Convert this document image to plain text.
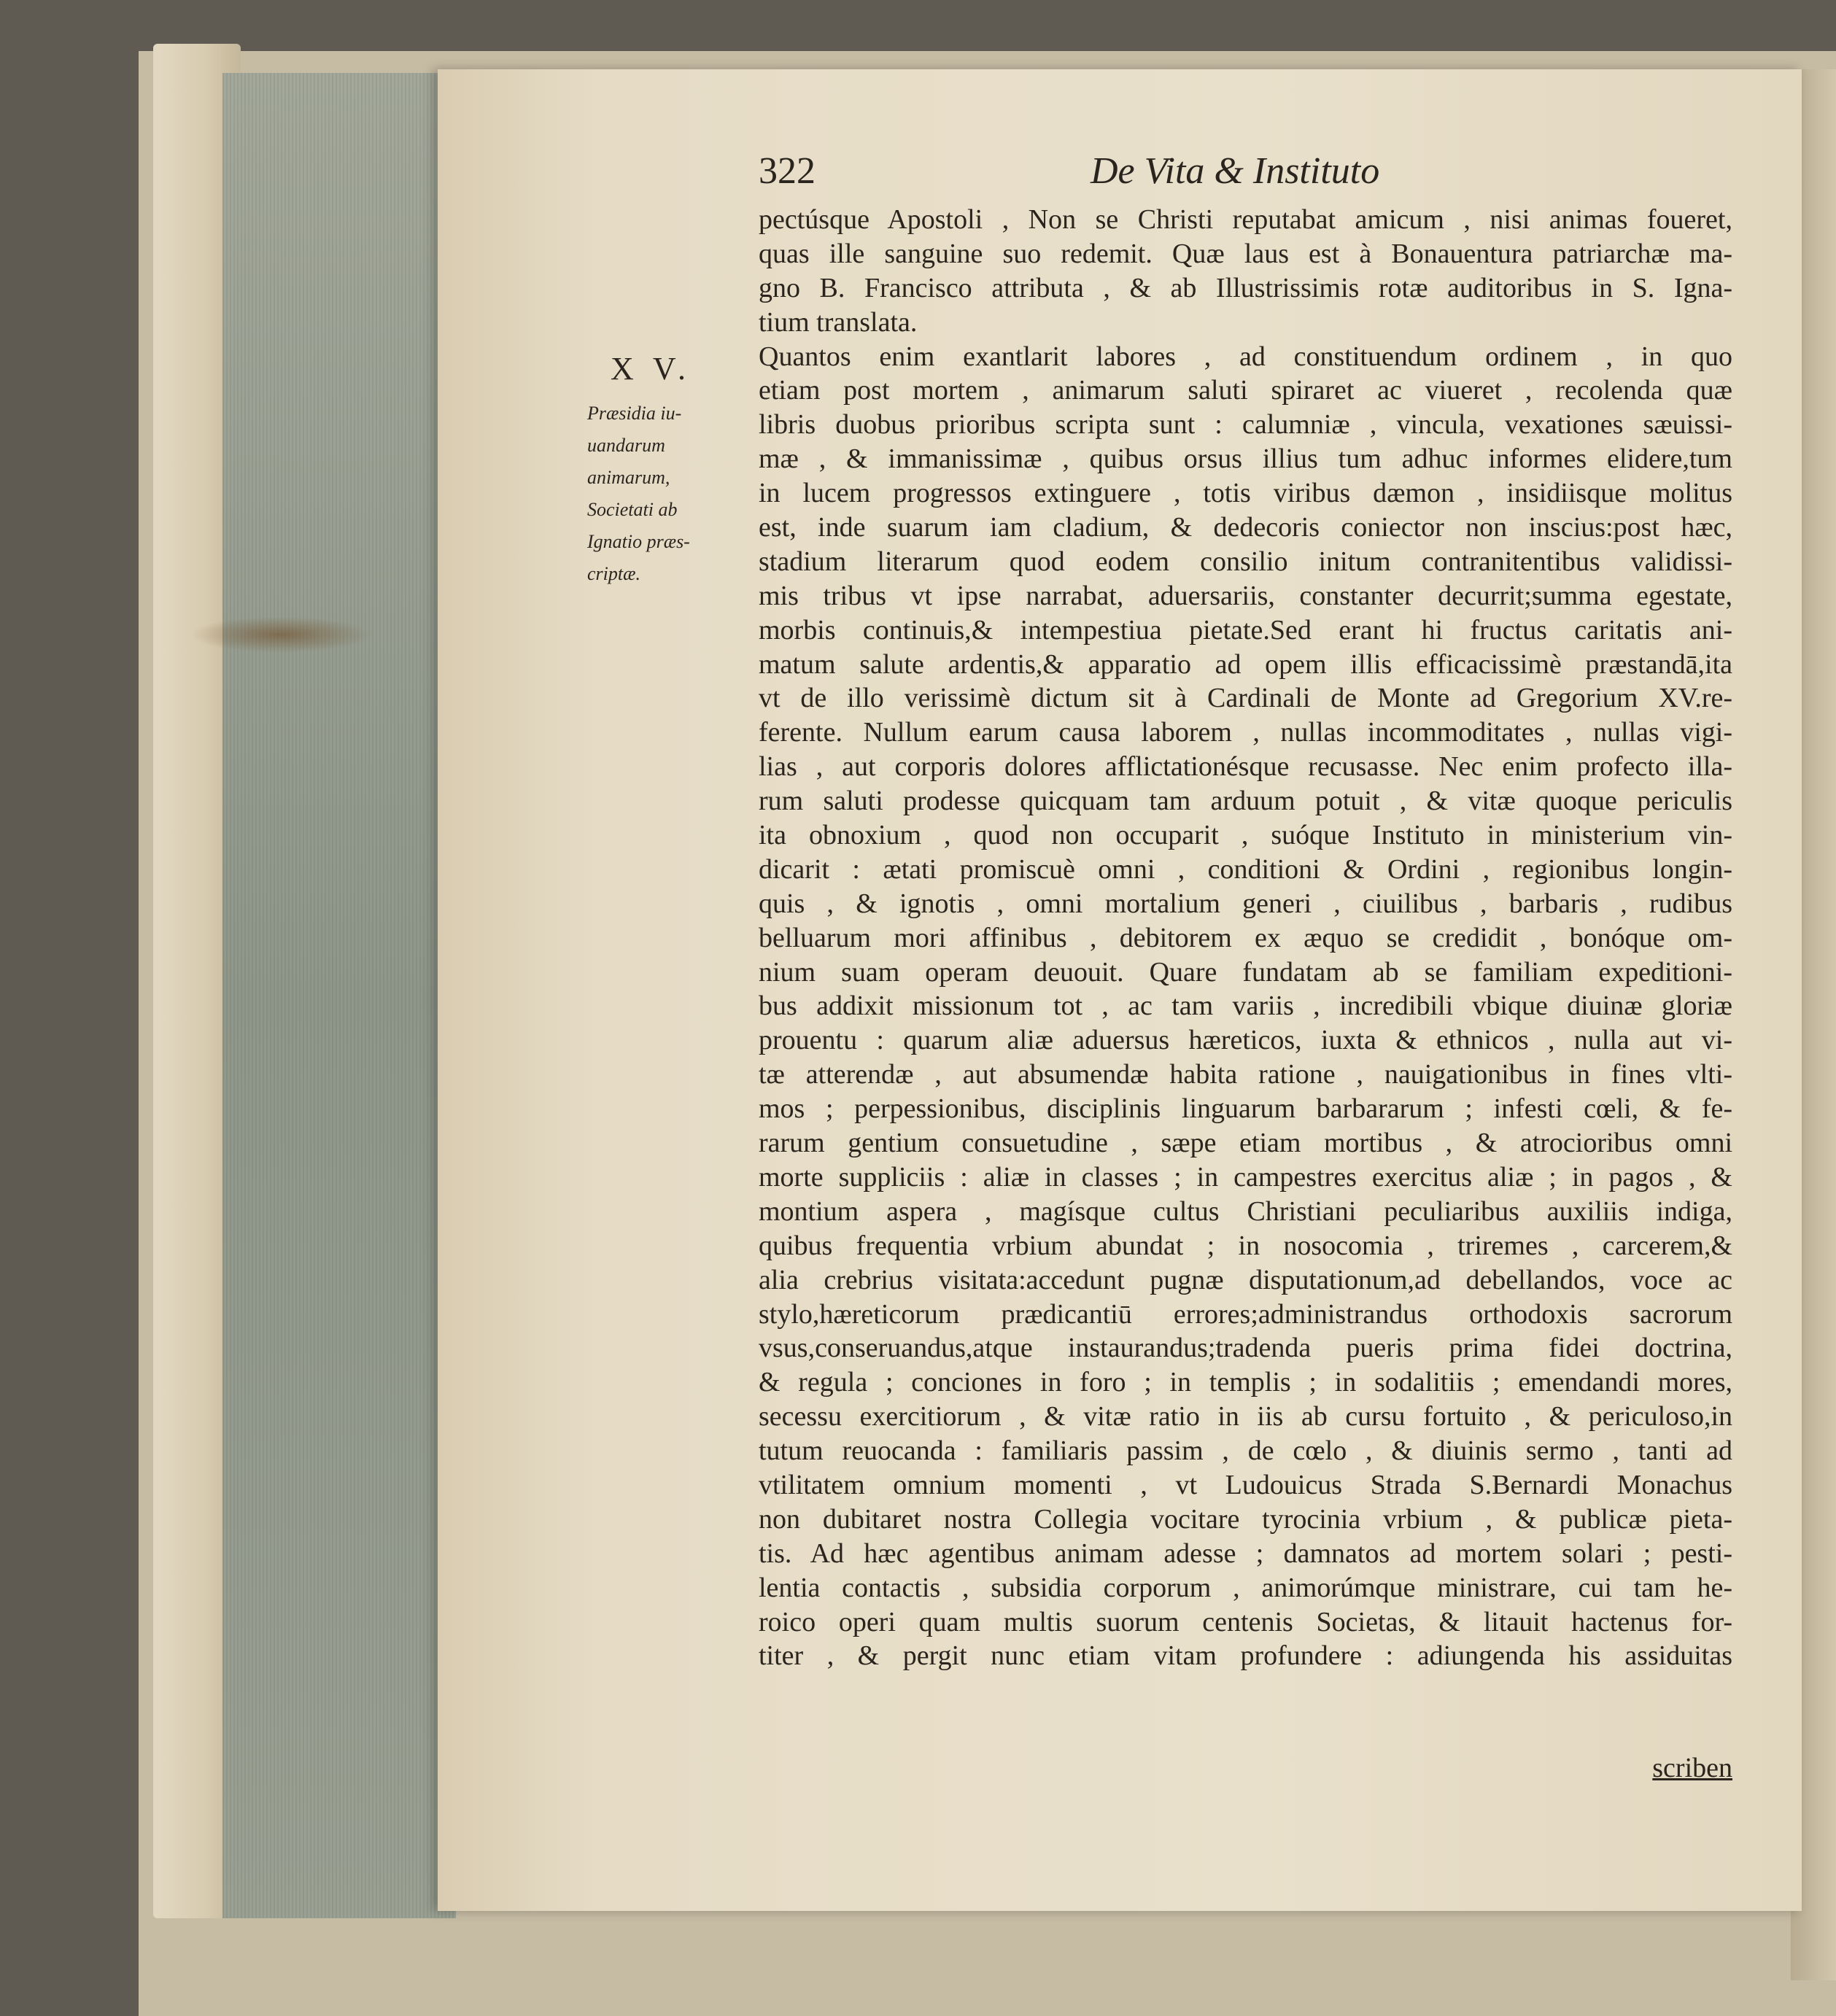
322	De Vita & Instituto
X V.
Præsidia iu-
uandarum
animarum,
Societati ab
Ignatio præs-
criptæ.
pectúsque Apostoli , Non se Christi reputabat amicum , nisi animas foueret,
quas ille sanguine suo redemit. Quæ laus est à Bonauentura patriarchæ ma-
gno B. Francisco attributa , & ab Illustrissimis rotæ auditoribus in S. Igna-
tium translata.
Quantos enim exantlarit labores , ad constituendum ordinem , in quo
etiam post mortem , animarum saluti spiraret ac viueret , recolenda quæ
libris duobus prioribus scripta sunt : calumniæ , vincula, vexationes sæuissi-
mæ , & immanissimæ , quibus orsus illius tum adhuc informes elidere,tum
in lucem progressos extinguere , totis viribus dæmon , insidiisque molitus
est, inde suarum iam cladium, & dedecoris coniector non inscius:post hæc,
stadium literarum quod eodem consilio initum contranitentibus validissi-
mis tribus vt ipse narrabat, aduersariis, constanter decurrit;summa egestate,
morbis continuis,& intempestiua pietate.Sed erant hi fructus caritatis ani-
matum salute ardentis,& apparatio ad opem illis efficacissimè præstandā,ita
vt de illo verissimè dictum sit à Cardinali de Monte ad Gregorium XV.re-
ferente. Nullum earum causa laborem , nullas incommoditates , nullas vigi-
lias , aut corporis dolores afflictationésque recusasse. Nec enim profecto illa-
rum saluti prodesse quicquam tam arduum potuit , & vitæ quoque periculis
ita obnoxium , quod non occuparit , suóque Instituto in ministerium vin-
dicarit : ætati promiscuè omni , conditioni & Ordini , regionibus longin-
quis , & ignotis , omni mortalium generi , ciuilibus , barbaris , rudibus
belluarum mori affinibus , debitorem ex æquo se credidit , bonóque om-
nium suam operam deuouit. Quare fundatam ab se familiam expeditioni-
bus addixit missionum tot , ac tam variis , incredibili vbique diuinæ gloriæ
prouentu : quarum aliæ aduersus hæreticos, iuxta & ethnicos , nulla aut vi-
tæ atterendæ , aut absumendæ habita ratione , nauigationibus in fines vlti-
mos ; perpessionibus, disciplinis linguarum barbararum ; infesti cœli, & fe-
rarum gentium consuetudine , sæpe etiam mortibus , & atrocioribus omni
morte suppliciis : aliæ in classes ; in campestres exercitus aliæ ; in pagos , &
montium aspera , magísque cultus Christiani peculiaribus auxiliis indiga,
quibus frequentia vrbium abundat ; in nosocomia , triremes , carcerem,&
alia crebrius visitata:accedunt pugnæ disputationum,ad debellandos, voce ac
stylo,hæreticorum prædicantiū errores;administrandus orthodoxis sacrorum
vsus,conseruandus,atque instaurandus;tradenda pueris prima fidei doctrina,
& regula ; conciones in foro ; in templis ; in sodalitiis ; emendandi mores,
secessu exercitiorum , & vitæ ratio in iis ab cursu fortuito , & periculoso,in
tutum reuocanda : familiaris passim , de cœlo , & diuinis sermo , tanti ad
vtilitatem omnium momenti , vt Ludouicus Strada S.Bernardi Monachus
non dubitaret nostra Collegia vocitare tyrocinia vrbium , & publicæ pieta-
tis. Ad hæc agentibus animam adesse ; damnatos ad mortem solari ; pesti-
lentia contactis , subsidia corporum , animorúmque ministrare, cui tam he-
roico operi quam multis suorum centenis Societas, & litauit hactenus for-
titer , & pergit nunc etiam vitam profundere : adiungenda his assiduitas
scriben
